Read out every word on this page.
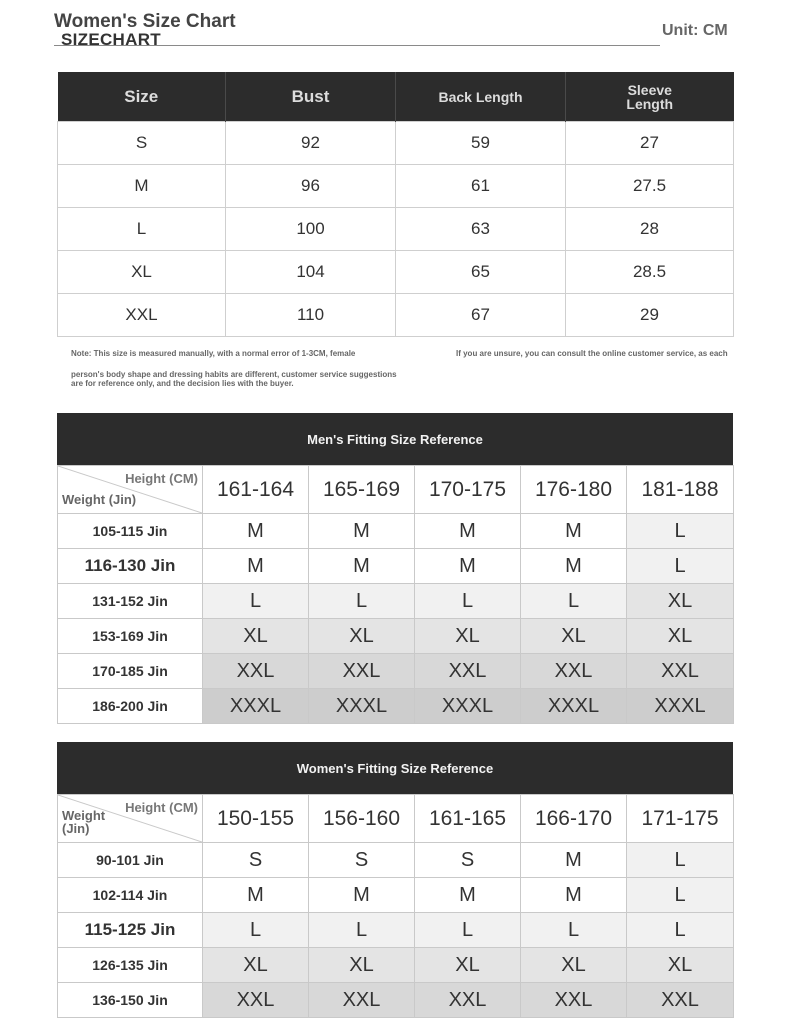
Women's Size Chart
SIZECHART	Unit: CM
Size	Bust	Back Length	Sleeve
Length
S	92	59	27
M	96	61	27.5
L	100	63	28
XL	104	65	28.5
XXL	110	67	29
Note: This size is measured manually, with a normal error of 1-3CM, female
person's body shape and dressing habits are different, customer service suggestions
are for reference only, and the decision lies with the buyer.
If you are unsure, you can consult the online customer service, as each
Men's Fitting Size Reference
Height (CM)
Weight (Jin)	161-164	165-169	170-175	176-180	181-188
105-115 Jin	M	M	M	M	L
116-130 Jin	M	M	M	M	L
131-152 Jin	L	L	L	L	XL
153-169 Jin	XL	XL	XL	XL	XL
170-185 Jin	XXL	XXL	XXL	XXL	XXL
186-200 Jin	XXXL	XXXL	XXXL	XXXL	XXXL
Women's Fitting Size Reference
Height (CM)
Weight
(Jin)	150-155	156-160	161-165	166-170	171-175
90-101 Jin	S	S	S	M	L
102-114 Jin	M	M	M	M	L
115-125 Jin	L	L	L	L	L
126-135 Jin	XL	XL	XL	XL	XL
136-150 Jin	XXL	XXL	XXL	XXL	XXL
